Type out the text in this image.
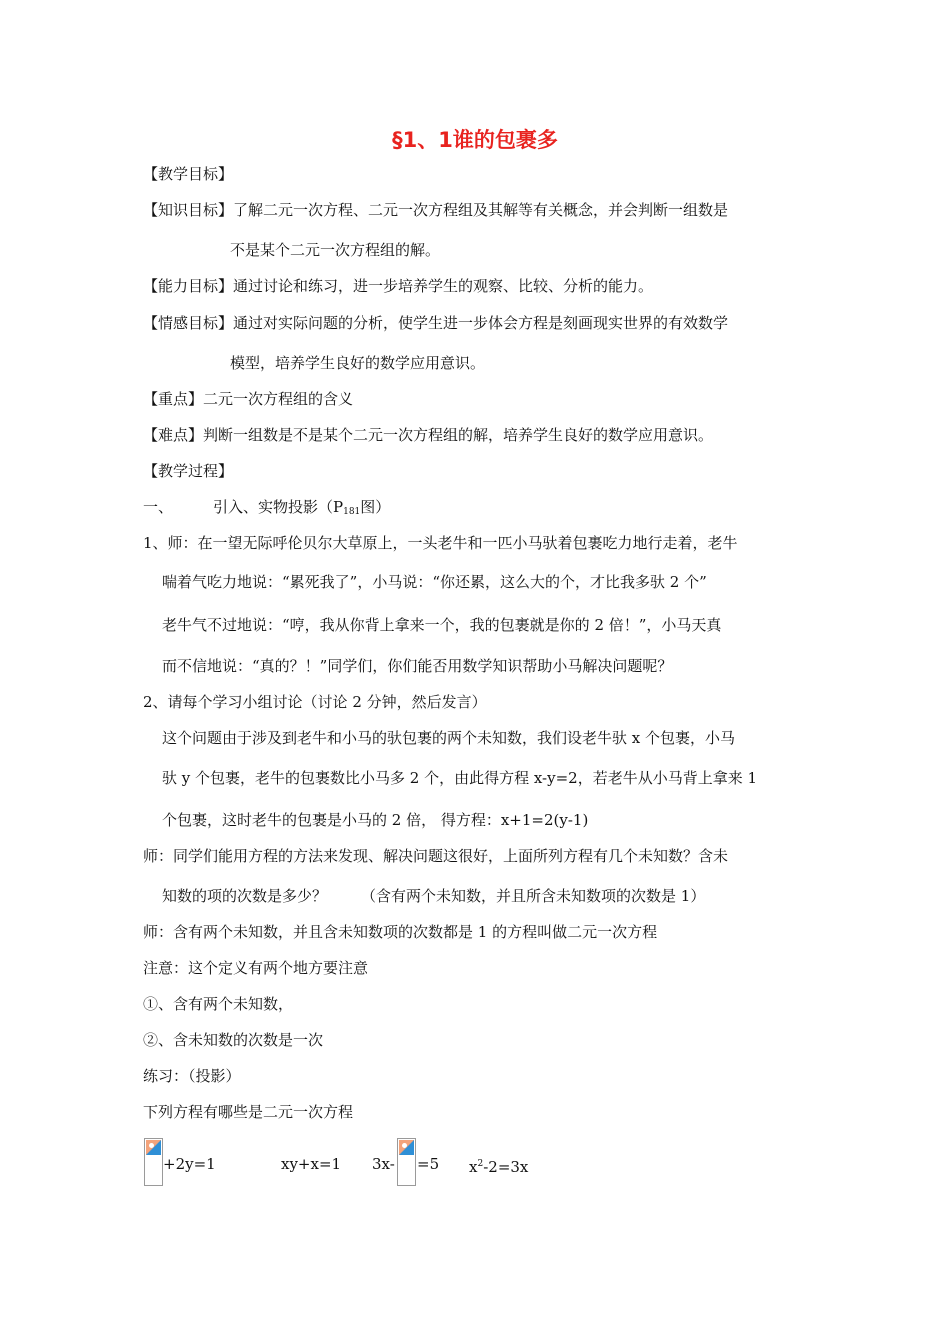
§1、1谁的包裹多
【教学目标】
【知识目标】了解二元一次方程、二元一次方程组及其解等有关概念，并会判断一组数是
不是某个二元一次方程组的解。
【能力目标】通过讨论和练习，进一步培养学生的观察、比较、分析的能力。
【情感目标】通过对实际问题的分析，使学生进一步体会方程是刻画现实世界的有效数学
模型，培养学生良好的数学应用意识。
【重点】二元一次方程组的含义
【难点】判断一组数是不是某个二元一次方程组的解，培养学生良好的数学应用意识。
【教学过程】
一、	引入、实物投影（$P_{181}$图）
1、师：在一望无际呼伦贝尔大草原上，一头老牛和一匹小马驮着包裹吃力地行走着，老牛
喘着气吃力地说：“累死我了”，小马说：“你还累，这么大的个，才比我多驮 2 个”
老牛气不过地说：“哼，我从你背上拿来一个，我的包裹就是你的 2 倍！”，小马天真
而不信地说：“真的？！”同学们，你们能否用数学知识帮助小马解决问题呢？
2、请每个学习小组讨论（讨论 2 分钟，然后发言）
这个问题由于涉及到老牛和小马的驮包裹的两个未知数，我们设老牛驮 x 个包裹，小马
驮 y 个包裹，老牛的包裹数比小马多 2 个，由此得方程 x-y=2，若老牛从小马背上拿来 1
个包裹，这时老牛的包裹是小马的 2 倍， 得方程：x+1=2(y-1)
师：同学们能用方程的方法来发现、解决问题这很好，上面所列方程有几个未知数？含未
知数的项的次数是多少？ （含有两个未知数，并且所含未知数项的次数是 1）
师：含有两个未知数，并且含未知数项的次数都是 1 的方程叫做二元一次方程
注意：这个定义有两个地方要注意
①、含有两个未知数，
②、含未知数的次数是一次
练习：（投影）
下列方程有哪些是二元一次方程
+2y=1	xy+x=1 3x- =5 $x^2-2=3x$
